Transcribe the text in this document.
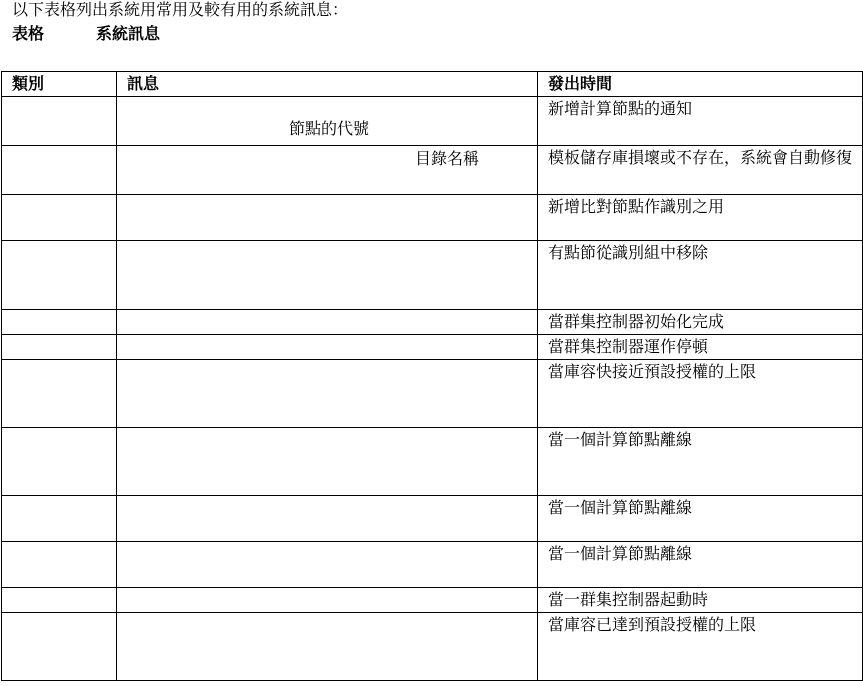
以下表格列出系統用常用及較有用的系統訊息：
表格	系統訊息
類別	訊息	發出時間

	節點的代號	新增計算節點的通知

	目錄名稱	模板儲存庫損壞或不存在，系統會自動修復
		新增比對節點作識別之用
		有點節從識別組中移除
		當群集控制器初始化完成
		當群集控制器運作停頓
		當庫容快接近預設授權的上限
		當一個計算節點離線
		當一個計算節點離線
		當一個計算節點離線
		當一群集控制器起動時
		當庫容已達到預設授權的上限
